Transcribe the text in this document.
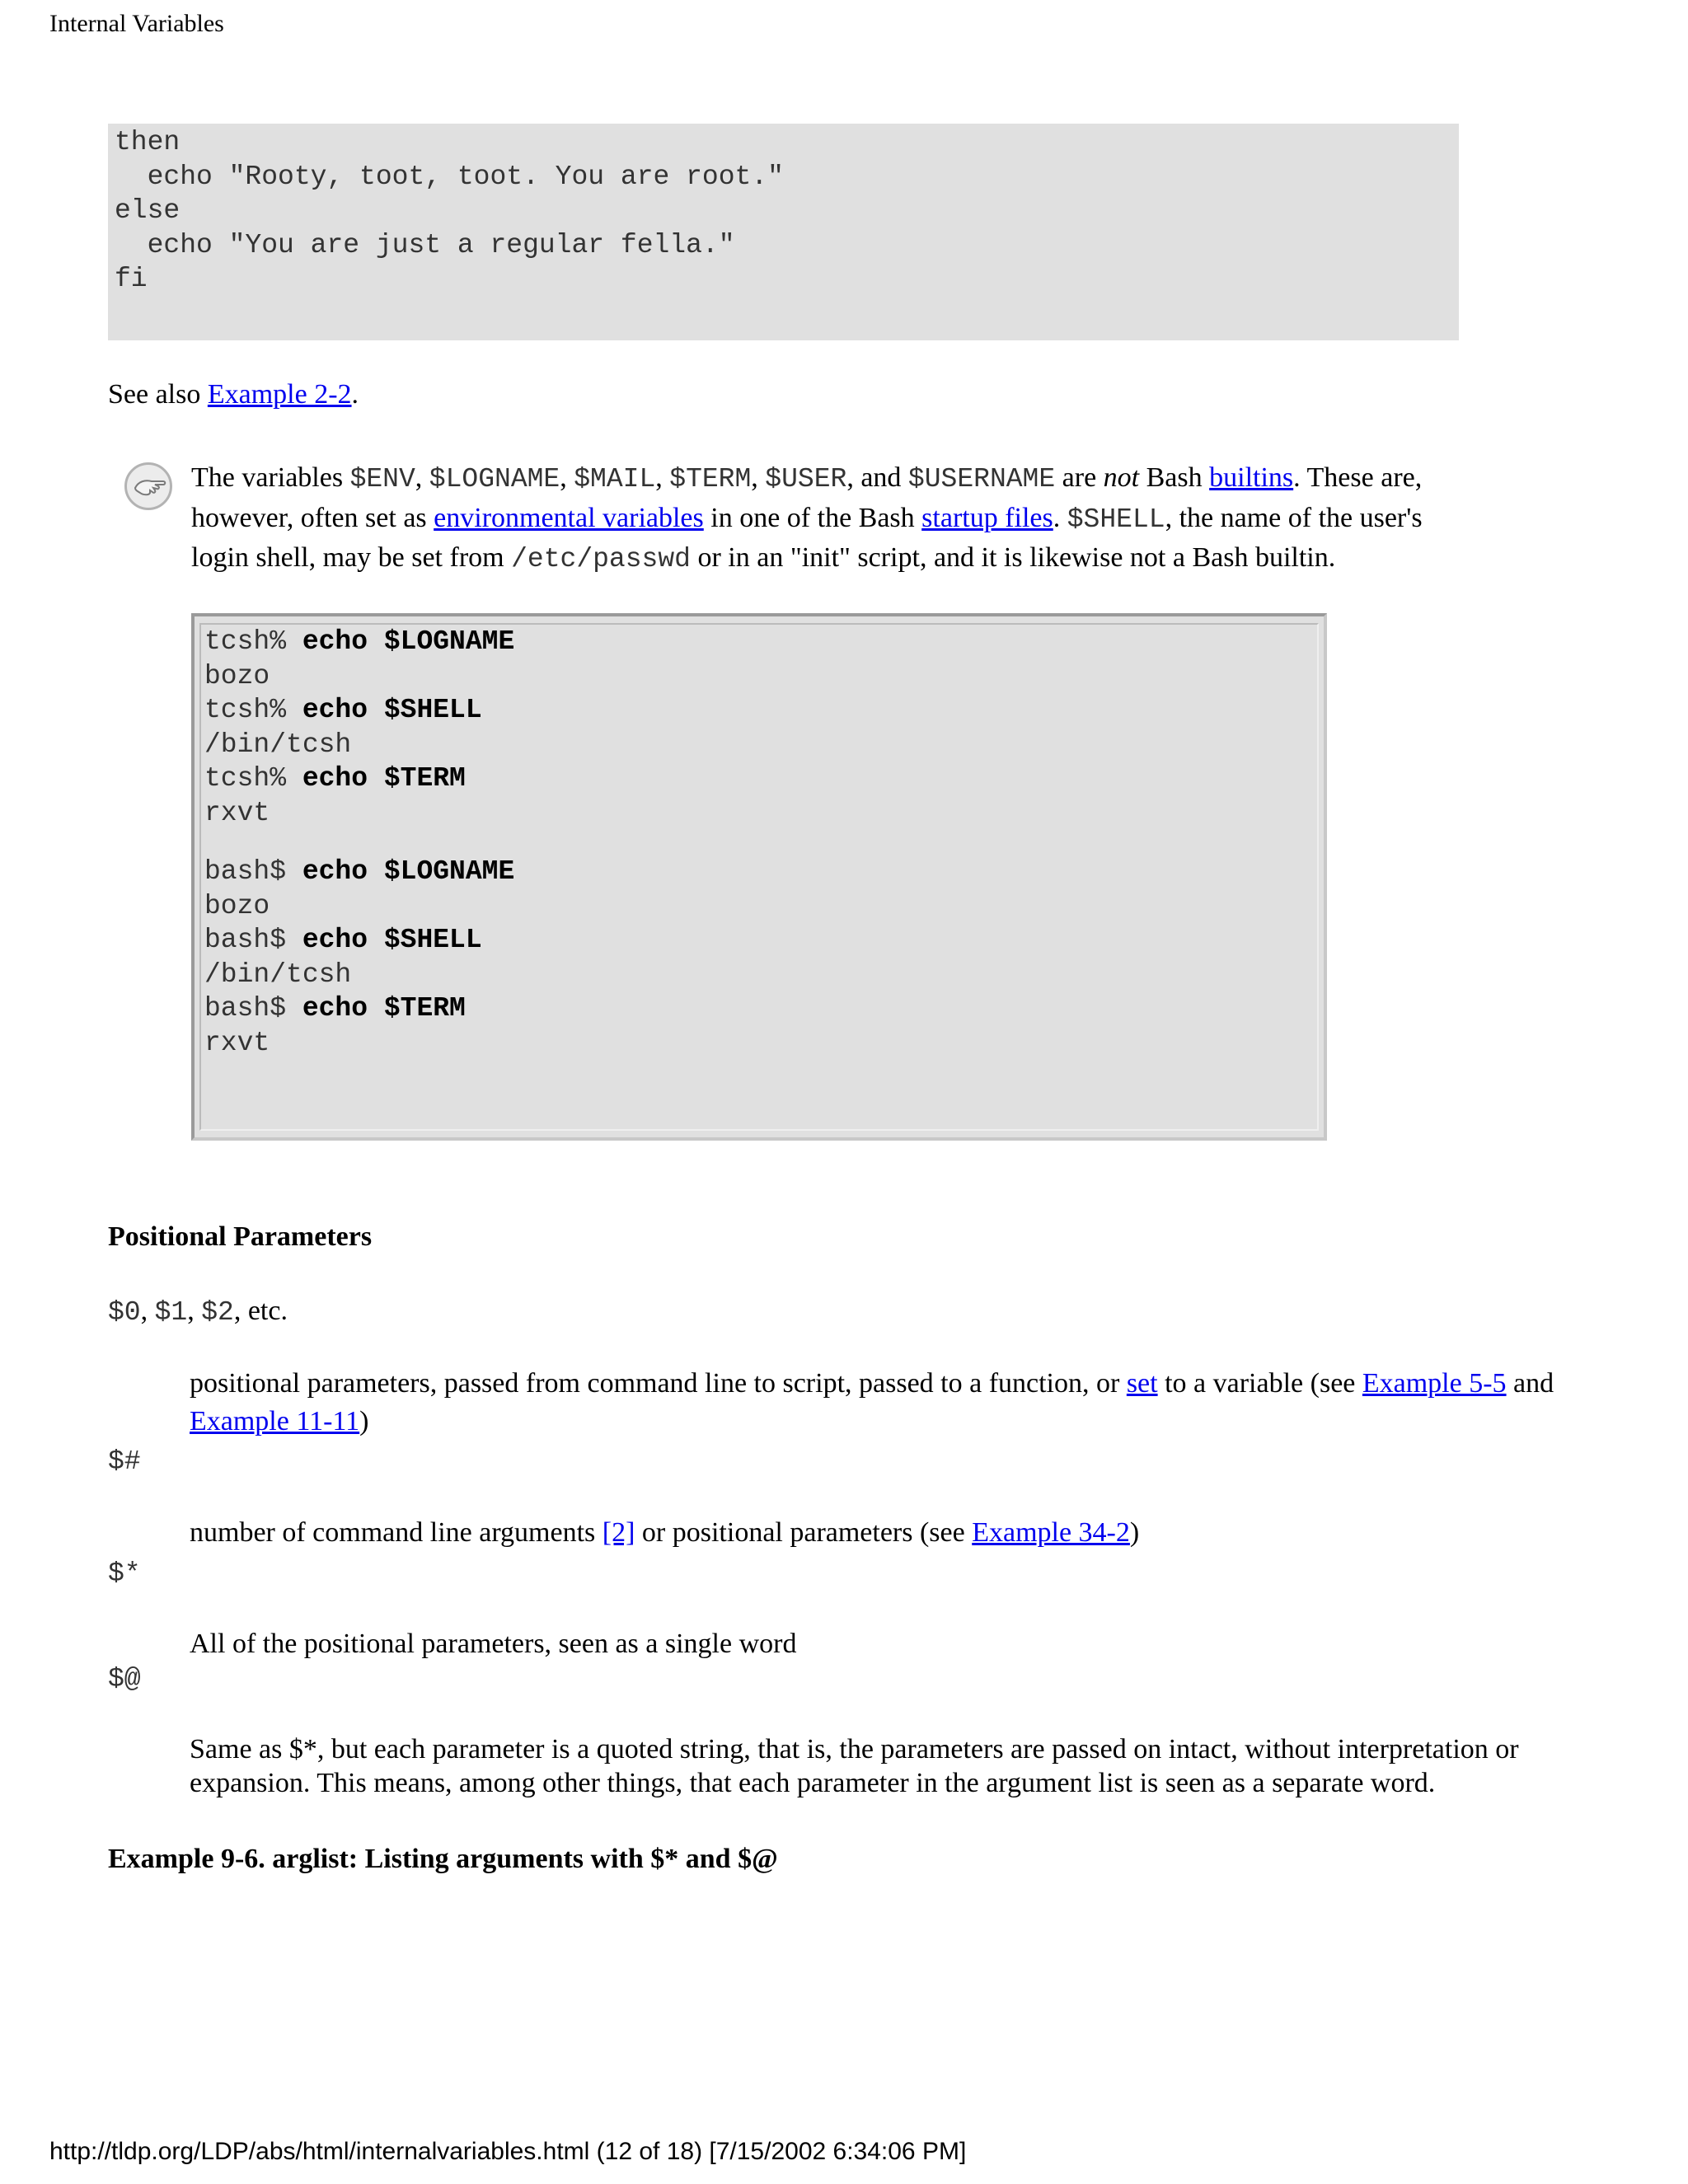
Internal Variables
then
echo "Rooty, toot, toot. You are root."
else
echo "You are just a regular fella."
fi
See also Example 2-2.
The variables $ENV, $LOGNAME, $MAIL, $TERM, $USER, and $USERNAME are not Bash builtins. These are, however, often set as environmental variables in one of the Bash startup files. $SHELL, the name of the user's login shell, may be set from /etc/passwd or in an "init" script, and it is likewise not a Bash builtin.
tcsh% echo $LOGNAME
bozo
tcsh% echo $SHELL
/bin/tcsh
tcsh% echo $TERM
rxvt
bash$ echo $LOGNAME
bozo
bash$ echo $SHELL
/bin/tcsh
bash$ echo $TERM
rxvt
Positional Parameters
$0, $1, $2, etc.
positional parameters, passed from command line to script, passed to a function, or set to a variable (see Example 5-5 and Example 11-11)
$#
number of command line arguments [2] or positional parameters (see Example 34-2)
$*
All of the positional parameters, seen as a single word
$@
Same as $*, but each parameter is a quoted string, that is, the parameters are passed on intact, without interpretation or expansion. This means, among other things, that each parameter in the argument list is seen as a separate word.
Example 9-6. arglist: Listing arguments with $* and $@
http://tldp.org/LDP/abs/html/internalvariables.html (12 of 18) [7/15/2002 6:34:06 PM]
